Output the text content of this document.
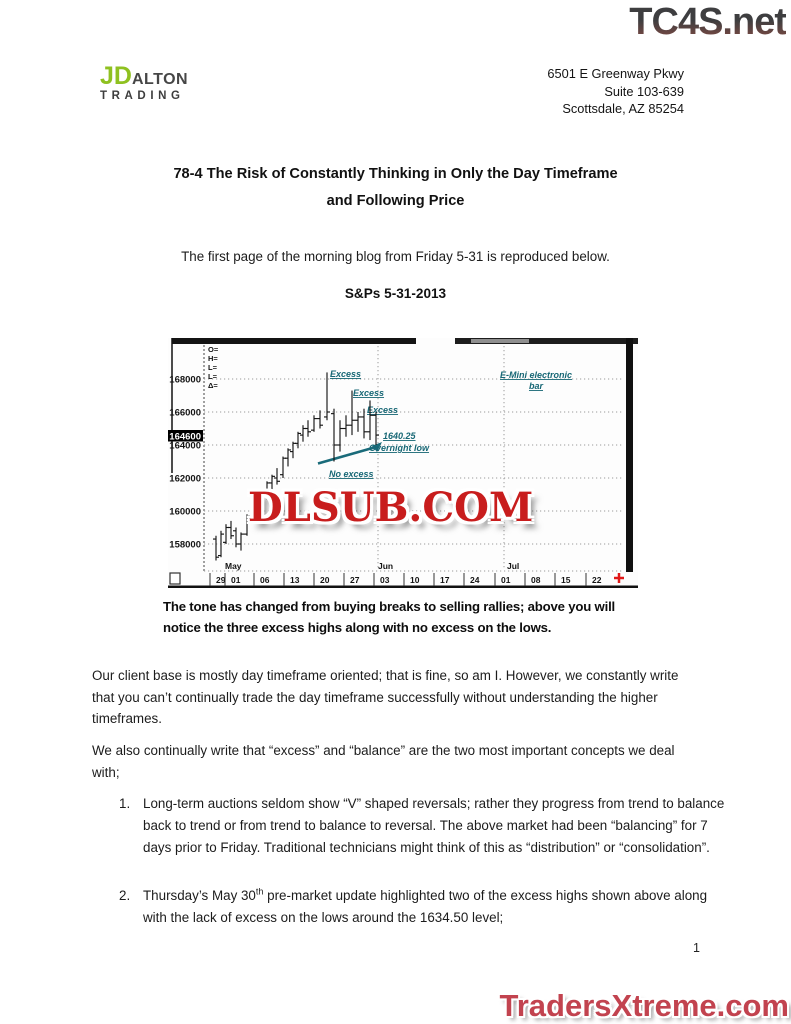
TC4S.net
JD ALTON
TRADING
6501 E Greenway Pkwy
Suite 103-639
Scottsdale, AZ 85254
78-4 The Risk of Constantly Thinking in Only the Day Timeframe
and Following Price
The first page of the morning blog from Friday 5-31 is reproduced below.
S&Ps 5-31-2013
164600
Excess
Excess
Excess
1640.25
Overnight low
No excess
E-Mini electronic
bar
168000
166000
164000
162000
160000
158000
O=
H=
L=
L=
Δ=
May	Jun	Jul
29 01 06 13 20 27 03 10 17 24	01 08 15	22
DLSUB.COM
The tone has changed from buying breaks to selling rallies; above you will
notice the three excess highs along with no excess on the lows.
Our client base is mostly day timeframe oriented; that is fine, so am I. However, we constantly write that you can’t continually trade the day timeframe successfully without understanding the higher timeframes.
We also continually write that “excess” and “balance” are the two most important concepts we deal with;
1. Long-term auctions seldom show “V” shaped reversals; rather they progress from trend to balance back to trend or from trend to balance to reversal. The above market had been “balancing” for 7 days prior to Friday. Traditional technicians might think of this as “distribution” or “consolidation”.
2. Thursday’s May 30th pre-market update highlighted two of the excess highs shown above along with the lack of excess on the lows around the 1634.50 level;
1
TradersXtreme.com
